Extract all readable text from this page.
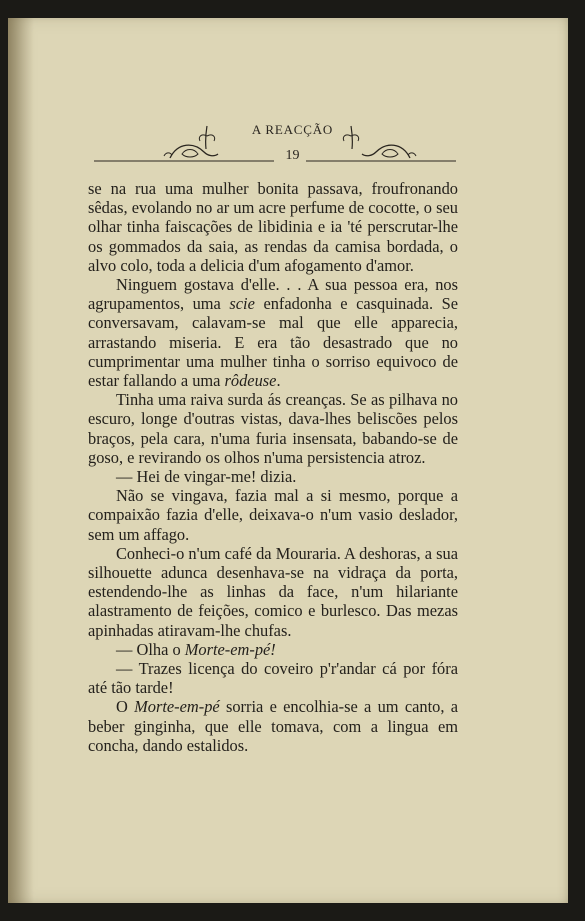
A REACÇÃO
19

se na rua uma mulher bonita passava, froufronando sêdas, evolando no ar um acre perfume de cocotte, o seu olhar tinha faiscações de libidinia e ia 'té perscrutar-lhe os gommados da saia, as rendas da camisa bordada, o alvo colo, toda a delicia d'um afogamento d'amor.

Ninguem gostava d'elle. . . A sua pessoa era, nos agrupamentos, uma scie enfadonha e casquinada. Se conversavam, calavam-se mal que elle apparecia, arrastando miseria. E era tão desastrado que no cumprimentar uma mulher tinha o sorriso equivoco de estar fallando a uma rôdeuse.

Tinha uma raiva surda ás creanças. Se as pilhava no escuro, longe d'outras vistas, dava-lhes beliscões pelos braços, pela cara, n'uma furia insensata, babando-se de goso, e revirando os olhos n'uma persistencia atroz.

— Hei de vingar-me! dizia.

Não se vingava, fazia mal a si mesmo, porque a compaixão fazia d'elle, deixava-o n'um vasio deslador, sem um affago.

Conheci-o n'um café da Mouraria. A deshoras, a sua silhouette adunca desenhava-se na vidraça da porta, estendendo-lhe as linhas da face, n'um hilariante alastramento de feições, comico e burlesco. Das mezas apinhadas atiravam-lhe chufas.

— Olha o Morte-em-pé!

— Trazes licença do coveiro p'r'andar cá por fóra até tão tarde!

O Morte-em-pé sorria e encolhia-se a um canto, a beber ginginha, que elle tomava, com a lingua em concha, dando estalidos.
